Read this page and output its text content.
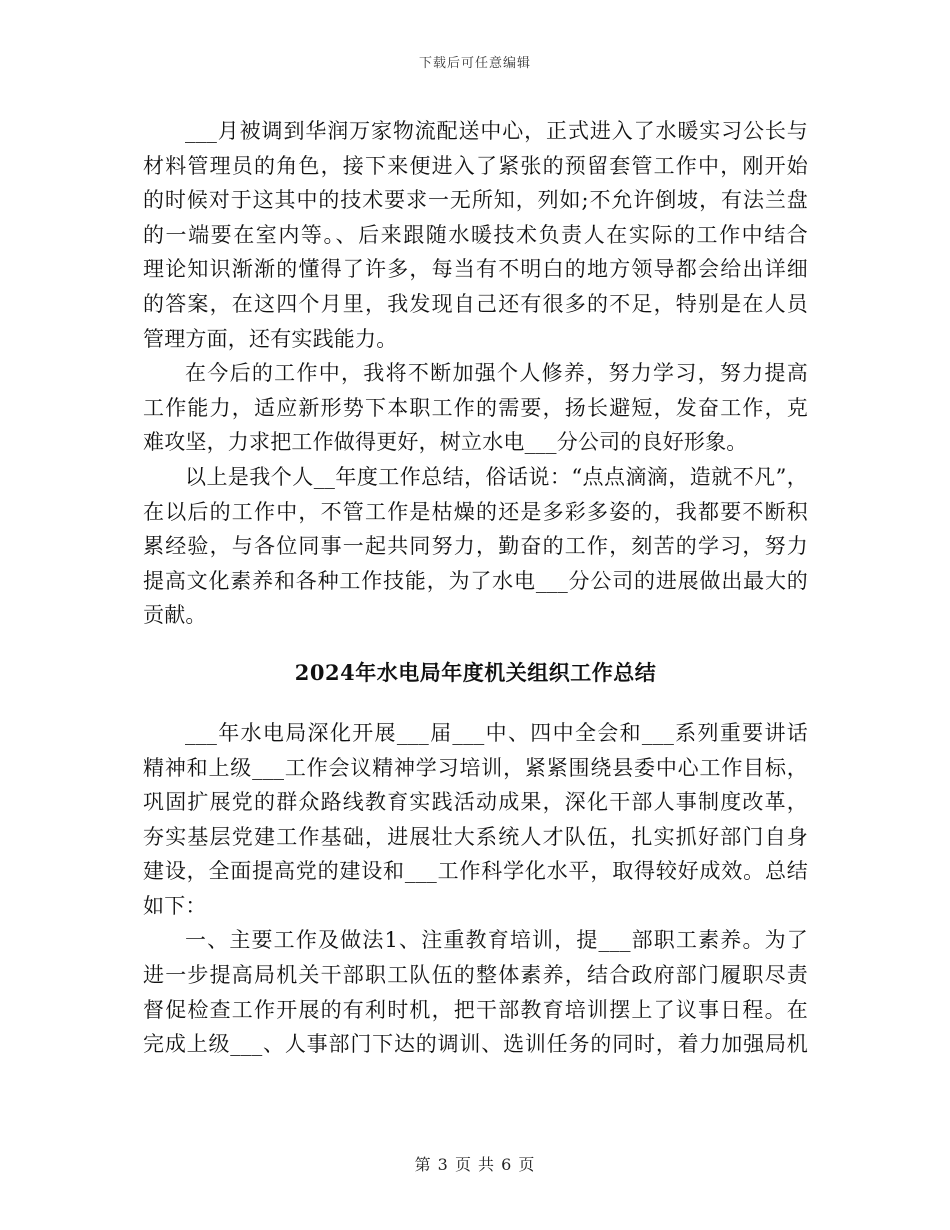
下载后可任意编辑
___月被调到华润万家物流配送中心，正式进入了水暖实习公长与
材料管理员的角色，接下来便进入了紧张的预留套管工作中，刚开始
的时候对于这其中的技术要求一无所知，列如;不允许倒坡，有法兰盘
的一端要在室内等。、后来跟随水暖技术负责人在实际的工作中结合
理论知识渐渐的懂得了许多，每当有不明白的地方领导都会给出详细
的答案，在这四个月里，我发现自己还有很多的不足，特别是在人员
管理方面，还有实践能力。
在今后的工作中，我将不断加强个人修养，努力学习，努力提高
工作能力，适应新形势下本职工作的需要，扬长避短，发奋工作，克
难攻坚，力求把工作做得更好，树立水电___分公司的良好形象。
以上是我个人__年度工作总结，俗话说：“点点滴滴，造就不凡”，
在以后的工作中，不管工作是枯燥的还是多彩多姿的，我都要不断积
累经验，与各位同事一起共同努力，勤奋的工作，刻苦的学习，努力
提高文化素养和各种工作技能，为了水电___分公司的进展做出最大的
贡献。
2024年水电局年度机关组织工作总结
___年水电局深化开展___届___中、四中全会和___系列重要讲话
精神和上级___工作会议精神学习培训，紧紧围绕县委中心工作目标，
巩固扩展党的群众路线教育实践活动成果，深化干部人事制度改革，
夯实基层党建工作基础，进展壮大系统人才队伍，扎实抓好部门自身
建设，全面提高党的建设和___工作科学化水平，取得较好成效。总结
如下：
一、主要工作及做法1、注重教育培训，提___部职工素养。为了
进一步提高局机关干部职工队伍的整体素养，结合政府部门履职尽责
督促检查工作开展的有利时机，把干部教育培训摆上了议事日程。在
完成上级___、人事部门下达的调训、选训任务的同时，着力加强局机
第 3 页 共 6 页
